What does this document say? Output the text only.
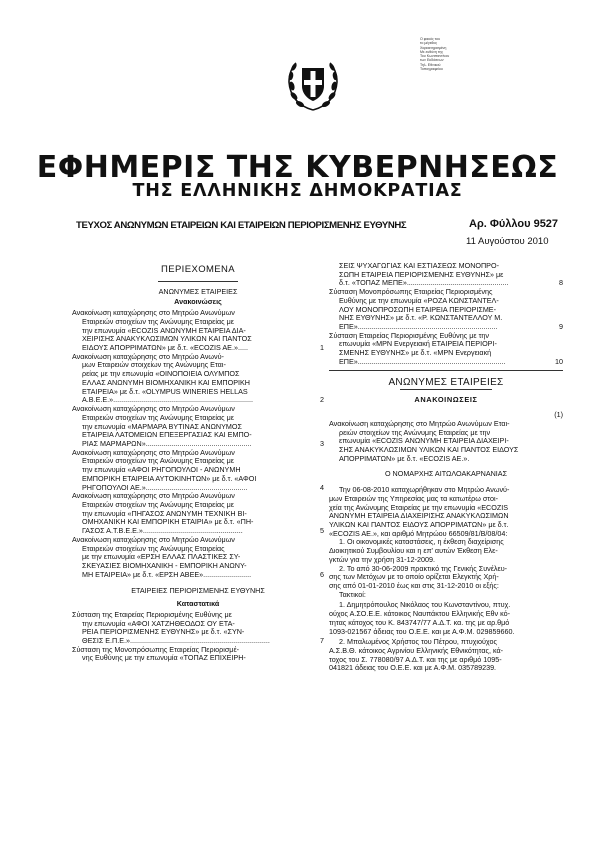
Ο φακός του
το μέγεθος
Χαρακτηρισμένη
Με ευθύνη της
Του Κωνσταντίνου
των Εκδόσεων
Τηλ. Εθνικού
Τυπογραφείου
ΕΦΗΜΕΡΙΣ ΤΗΣ ΚΥΒΕΡΝΗΣΕΩΣ
ΤΗΣ ΕΛΛΗΝΙΚΗΣ ΔΗΜΟΚΡΑΤΙΑΣ
ΤΕΥΧΟΣ ΑΝΩΝΥΜΩΝ ΕΤΑΙΡΕΙΩΝ ΚΑΙ ΕΤΑΙΡΕΙΩΝ ΠΕΡΙΟΡΙΣΜΕΝΗΣ ΕΥΘΥΝΗΣ	Αρ. Φύλλου 9527
11 Αυγούστου 2010
ΠΕΡΙΕΧΟΜΕΝΑ
ΑΝΩΝΥΜΕΣ ΕΤΑΙΡΕΙΕΣ
Ανακοινώσεις
Ανακοίνωση καταχώρησης στο Μητρώο Ανωνύμων
Εταιρειών στοιχείων της Ανώνυμης Εταιρείας με
την επωνυμία «ECOZIS ΑΝΩΝΥΜΗ ΕΤΑΙΡΕΙΑ ΔΙΑ-
ΧΕΙΡΙΣΗΣ ΑΝΑΚΥΚΛΩΣΙΜΩΝ ΥΛΙΚΩΝ ΚΑΙ ΠΑΝΤΟΣ
ΕΙΔΟΥΣ ΑΠΟΡΡΙΜΑΤΩΝ» με δ.τ. «ECOZIS AE.».....	1
Ανακοίνωση καταχώρησης στο Μητρώο Ανωνύ-
μων Εταιρειών στοιχείων της Ανώνυμης Εται-
ρείας με την επωνυμία «ΟΙΝΟΠΟΙΕΙΑ ΟΛΥΜΠΟΣ
ΕΛΛΑΣ ΑΝΩΝΥΜΗ ΒΙΟΜΗΧΑΝΙΚΗ ΚΑΙ ΕΜΠΟΡΙΚΗ
ΕΤΑΙΡΕΙΑ» με δ.τ. «OLYMPUS WINERIES HELLAS
A.B.E.E.»......................................................................	2
Ανακοίνωση καταχώρησης στο Μητρώο Ανωνύμων
Εταιρειών στοιχείων της Ανώνυμης Εταιρείας με
την επωνυμία «ΜΑΡΜΑΡΑ ΒΥΤΙΝΑΣ ΑΝΩΝΥΜΟΣ
ΕΤΑΙΡΕΙΑ ΛΑΤΟΜΕΙΩΝ ΕΠΕΞΕΡΓΑΣΙΑΣ ΚΑΙ ΕΜΠΟ-
ΡΙΑΣ ΜΑΡΜΑΡΩΝ».....................................................	3
Ανακοίνωση καταχώρησης στο Μητρώο Ανωνύμων
Εταιρειών στοιχείων της Ανώνυμης Εταιρείας με
την επωνυμία «ΑΦΟΙ ΡΗΓΟΠΟΥΛΟΙ - ΑΝΩΝΥΜΗ
ΕΜΠΟΡΙΚΗ ΕΤΑΙΡΕΙΑ ΑΥΤΟΚΙΝΗΤΩΝ» με δ.τ. «ΑΦΟΙ
ΡΗΓΟΠΟΥΛΟΙ ΑΕ.»...................................................	4
Ανακοίνωση καταχώρησης στο Μητρώο Ανωνύμων
Εταιρειών στοιχείων της Ανώνυμης Εταιρείας με
την επωνυμία «ΠΗΓΑΣΟΣ ΑΝΩΝΥΜΗ ΤΕΧΝΙΚΗ ΒΙ-
ΟΜΗΧΑΝΙΚΗ ΚΑΙ ΕΜΠΟΡΙΚΗ ΕΤΑΙΡΙΑ» με δ.τ. «ΠΗ-
ΓΑΣΟΣ Α.Τ.Β.Ε.Ε.»..................................................	5
Ανακοίνωση καταχώρησης στο Μητρώο Ανωνύμων
Εταιρειών στοιχείων της Ανώνυμης Εταιρείας
με την επωνυμία «ΕΡΣΗ ΕΛΛΑΣ ΠΛΑΣΤΙΚΕΣ ΣΥ-
ΣΚΕΥΑΣΙΕΣ ΒΙΟΜΗΧΑΝΙΚΗ - ΕΜΠΟΡΙΚΗ ΑΝΩΝΥ-
ΜΗ ΕΤΑΙΡΕΙΑ» με δ.τ. «ΕΡΣΗ ΑΒΕΕ»........................	6
ΕΤΑΙΡΕΙΕΣ ΠΕΡΙΟΡΙΣΜΕΝΗΣ ΕΥΘΥΝΗΣ
Καταστατικά
Σύσταση της Εταιρείας Περιορισμένης Ευθύνης με
την επωνυμία «ΑΦΟΙ ΧΑΤΖΗΘΕΟΔΟΣ ΟΥ ΕΤΑ-
ΡΕΙΑ ΠΕΡΙΟΡΙΣΜΕΝΗΣ ΕΥΘΥΝΗΣ» με δ.τ. «ΣΥΝ-
ΘΕΣΙΣ Ε.Π.Ε.»......................................................................	7
Σύσταση της Μονοπρόσωπης Εταιρείας Περιορισμέ-
νης Ευθύνης με την επωνυμία «ΤΟΠΑΖ ΕΠΙΧΕΙΡΗ-
ΣΕΙΣ ΨΥΧΑΓΩΓΙΑΣ ΚΑΙ ΕΣΤΙΑΣΕΩΣ ΜΟΝΟΠΡΟ-
ΣΩΠΗ ΕΤΑΙΡΕΙΑ ΠΕΡΙΟΡΙΣΜΕΝΗΣ ΕΥΘΥΝΗΣ» με
δ.τ. «ΤΟΠΑΖ ΜΕΠΕ»...................................................	8
Σύσταση Μονοπρόσωπης Εταιρείας Περιορισμένης
Ευθύνης με την επωνυμία «ΡΟΖΑ ΚΩΝΣΤΑΝΤΕΛ-
ΛΟΥ ΜΟΝΟΠΡΟΣΩΠΗ ΕΤΑΙΡΕΙΑ ΠΕΡΙΟΡΙΣΜΕ-
ΝΗΣ ΕΥΘΥΝΗΣ» με δ.τ. «Ρ. ΚΩΝΣΤΑΝΤΕΛΛΟΥ Μ.
ΕΠΕ»......................................................................	9
Σύσταση Εταιρείας Περιορισμένης Ευθύνης με την
επωνυμία «MPN Ενεργειακή ΕΤΑΙΡΕΙΑ ΠΕΡΙΟΡΙ-
ΣΜΕΝΗΣ ΕΥΘΥΝΗΣ» με δ.τ. «MPN Ενεργειακή
ΕΠΕ»..........................................................................	10
ΑΝΩΝΥΜΕΣ ΕΤΑΙΡΕΙΕΣ
ΑΝΑΚΟΙΝΩΣΕΙΣ
(1)
Ανακοίνωση καταχώρησης στο Μητρώο Ανωνύμων Εται-
ρειών στοιχείων της Ανώνυμης Εταιρείας με την
επωνυμία «ECOZIS ΑΝΩΝΥΜΗ ΕΤΑΙΡΕΙΑ ΔΙΑΧΕΙΡΙ-
ΣΗΣ ΑΝΑΚΥΚΛΩΣΙΜΩΝ ΥΛΙΚΩΝ ΚΑΙ ΠΑΝΤΟΣ ΕΙΔΟΥΣ
ΑΠΟΡΡΙΜΑΤΩΝ» με δ.τ. «ECOZIS AE.».
Ο ΝΟΜΑΡΧΗΣ ΑΙΤΩΛΟΑΚΑΡΝΑΝΙΑΣ
Την 06-08-2010 καταχωρήθηκαν στο Μητρώο Ανωνύ-
μων Εταιρειών της Υπηρεσίας μας τα κατωτέρω στοι-
χεία της Ανώνυμης Εταιρείας με την επωνυμία «ECOZIS
ΑΝΩΝΥΜΗ ΕΤΑΙΡΕΙΑ ΔΙΑΧΕΙΡΙΣΗΣ ΑΝΑΚΥΚΛΩΣΙΜΩΝ
ΥΛΙΚΩΝ ΚΑΙ ΠΑΝΤΟΣ ΕΙΔΟΥΣ ΑΠΟΡΡΙΜΑΤΩΝ» με δ.τ.
«ECOZIS AE.», και αριθμό Μητρώου 66509/81/Β/08/04:
1. Οι οικονομικές καταστάσεις, η έκθεση διαχείρισης
Διοικητικού Συμβουλίου και η επ' αυτών Έκθεση Ελε-
γκτών για την χρήση 31-12-2009.
2. Το από 30-06-2009 πρακτικό της Γενικής Συνέλευ-
σης των Μετόχων με το οποίο ορίζεται Ελεγκτής Χρή-
σης από 01-01-2010 έως και στις 31-12-2010 οι εξής:
Τακτικοί:
1. Δημητρόπουλος Νικόλαος του Κωνσταντίνου, πτυχ.
ούχος Α.ΣΟ.Ε.Ε. κάτοικος Ναυπάκτου Ελληνικής Εθν κό-
τητας κάτοχος του Κ. 843747/77 Α.Δ.Τ. κα. της με αρ.θμό
1093-021567 άδειας του Ο.Ε.Ε. και με Α.Φ.Μ. 029859660.
2. Μπαλωμένος Χρήστος του Πέτρου, πτυχιούχος
Α.Σ.Β.Θ. κάτοικος Αγρινίου Ελληνικής Εθνικότητας, κά-
τοχος του Σ. 778080/97 Α.Δ.Τ. και της με αριθμό 1095-
041821 άδειας του Ο.Ε.Ε. και με Α.Φ.Μ. 035789239.
